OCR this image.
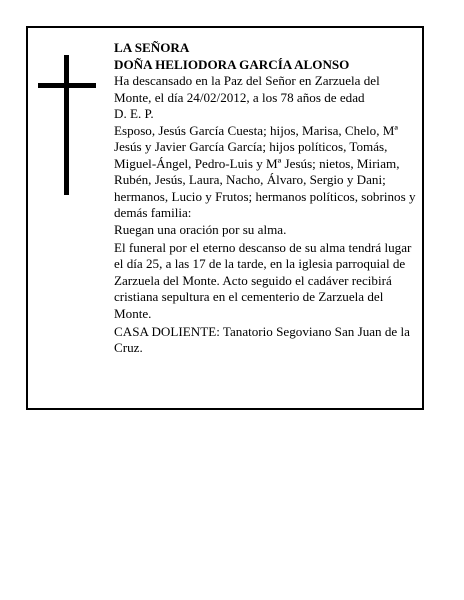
LA SEÑORA

DOÑA HELIODORA GARCÍA ALONSO

Ha descansado en la Paz del Señor en Zarzuela del Monte, el día 24/02/2012, a los 78 años de edad

D. E. P.

Esposo, Jesús García Cuesta; hijos, Marisa, Chelo, Mª Jesús y Javier García García; hijos políticos, Tomás, Miguel-Ángel, Pedro-Luis y Mª Jesús; nietos, Miriam, Rubén, Jesús, Laura, Nacho, Álvaro, Sergio y Dani; hermanos, Lucio y Frutos; hermanos políticos, sobrinos y demás familia:

Ruegan una oración por su alma.

El funeral por el eterno descanso de su alma tendrá lugar el día 25, a las 17 de la tarde, en la iglesia parroquial de Zarzuela del Monte. Acto seguido el cadáver recibirá cristiana sepultura en el cementerio de Zarzuela del Monte.

CASA DOLIENTE: Tanatorio Segoviano San Juan de la Cruz.
